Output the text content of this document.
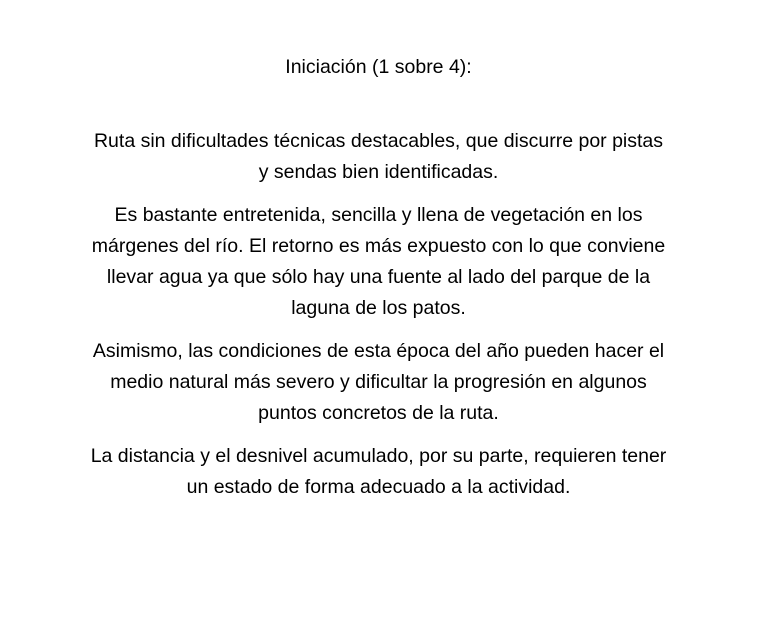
Iniciación (1 sobre 4):

Ruta sin dificultades técnicas destacables, que discurre por pistas y sendas bien identificadas.

Es bastante entretenida, sencilla y llena de vegetación en los márgenes del río. El retorno es más expuesto con lo que conviene llevar agua ya que sólo hay una fuente al lado del parque de la laguna de los patos.

Asimismo, las condiciones de esta época del año pueden hacer el medio natural más severo y dificultar la progresión en algunos puntos concretos de la ruta.

La distancia y el desnivel acumulado, por su parte, requieren tener un estado de forma adecuado a la actividad.
